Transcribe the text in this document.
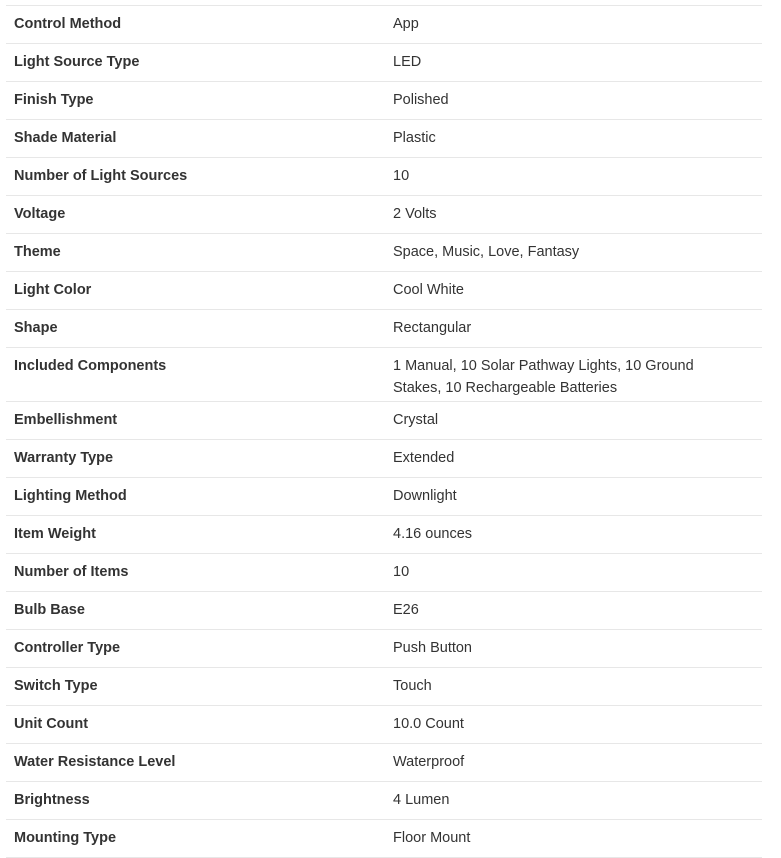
Control Method	App
Light Source Type	LED
Finish Type	Polished
Shade Material	Plastic
Number of Light Sources	10
Voltage	2 Volts
Theme	Space, Music, Love, Fantasy
Light Color	Cool White
Shape	Rectangular
Included Components	1 Manual, 10 Solar Pathway Lights, 10 Ground Stakes, 10 Rechargeable Batteries
Embellishment	Crystal
Warranty Type	Extended
Lighting Method	Downlight
Item Weight	4.16 ounces
Number of Items	10
Bulb Base	E26
Controller Type	Push Button
Switch Type	Touch
Unit Count	10.0 Count
Water Resistance Level	Waterproof
Brightness	4 Lumen
Mounting Type	Floor Mount
